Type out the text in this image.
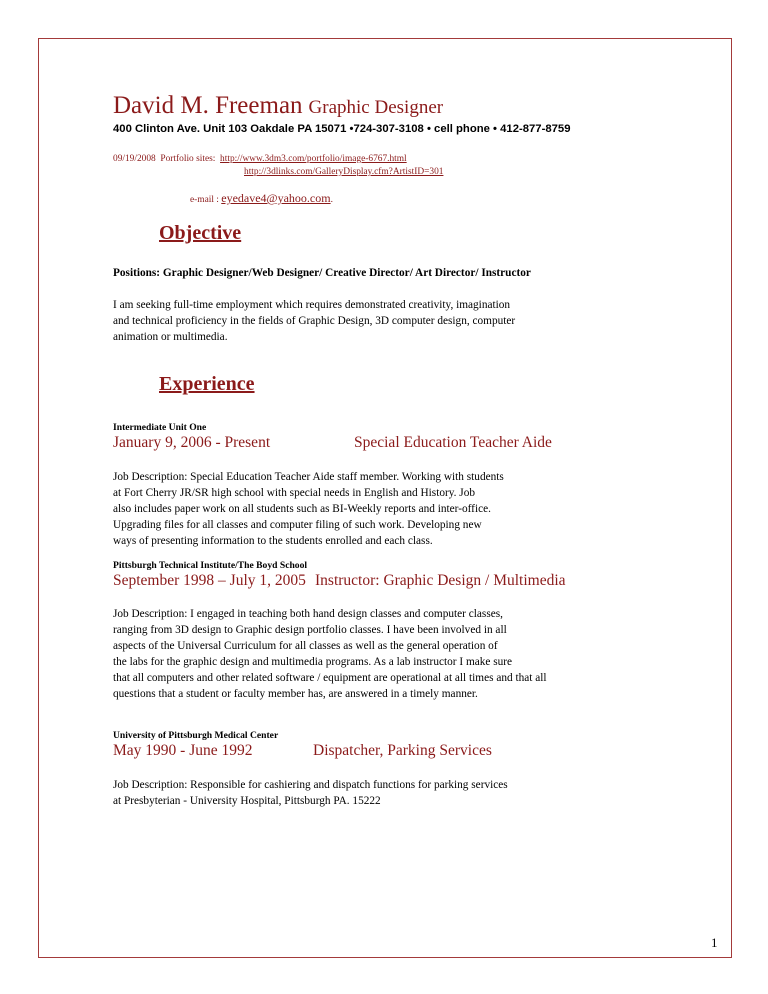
David M. Freeman Graphic Designer
400 Clinton Ave. Unit 103 Oakdale PA 15071 •724-307-3108 • cell phone • 412-877-8759
09/19/2008 Portfolio sites: http://www.3dm3.com/portfolio/image-6767.html
http://3dlinks.com/GalleryDisplay.cfm?ArtistID=301
e-mail : eyedave4@yahoo.com.
Objective
Positions: Graphic Designer/Web Designer/ Creative Director/ Art Director/ Instructor
I am seeking full-time employment which requires demonstrated creativity, imagination
and technical proficiency in the fields of Graphic Design, 3D computer design, computer
animation or multimedia.
Experience
Intermediate Unit One
January 9, 2006 - Present	Special Education Teacher Aide
Job Description: Special Education Teacher Aide staff member. Working with students
at Fort Cherry JR/SR high school with special needs in English and History. Job
also includes paper work on all students such as BI-Weekly reports and inter-office.
Upgrading files for all classes and computer filing of such work. Developing new
ways of presenting information to the students enrolled and each class.
Pittsburgh Technical Institute/The Boyd School
September 1998 – July 1, 2005 Instructor: Graphic Design / Multimedia
Job Description: I engaged in teaching both hand design classes and computer classes,
ranging from 3D design to Graphic design portfolio classes. I have been involved in all
aspects of the Universal Curriculum for all classes as well as the general operation of
the labs for the graphic design and multimedia programs. As a lab instructor I make sure
that all computers and other related software / equipment are operational at all times and that all
questions that a student or faculty member has, are answered in a timely manner.
University of Pittsburgh Medical Center
May 1990 - June 1992	Dispatcher, Parking Services
Job Description: Responsible for cashiering and dispatch functions for parking services
at Presbyterian - University Hospital, Pittsburgh PA. 15222
1
